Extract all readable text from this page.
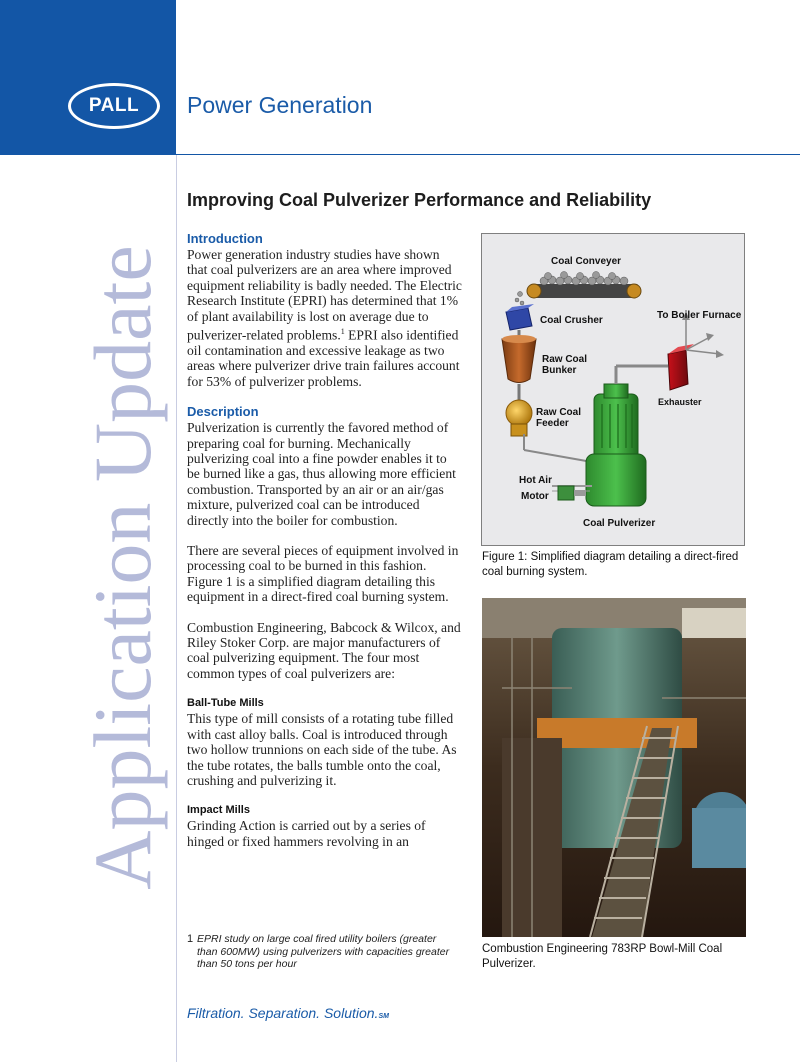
PALL Power Generation
Application Update
Improving Coal Pulverizer Performance and Reliability

Introduction

Power generation industry studies have shown that coal pulverizers are an area where improved equipment reliability is badly needed. The Electric Research Institute (EPRI) has determined that 1% of plant availability is lost on average due to pulverizer-related problems.$^1$ EPRI also identified oil contamination and excessive leakage as two areas where pulverizer drive train failures account for 53% of pulverizer problems.

Description

Pulverization is currently the favored method of preparing coal for burning. Mechanically pulverizing coal into a fine powder enables it to be burned like a gas, thus allowing more efficient combustion. Transported by an air or an air/gas mixture, pulverized coal can be introduced directly into the boiler for combustion.

There are several pieces of equipment involved in processing coal to be burned in this fashion. Figure 1 is a simplified diagram detailing this equipment in a direct-fired coal burning system.

Combustion Engineering, Babcock & Wilcox, and Riley Stoker Corp. are major manufacturers of coal pulverizing equipment. The four most common types of coal pulverizers are:

Ball-Tube Mills

This type of mill consists of a rotating tube filled with cast alloy balls. Coal is introduced through two hollow trunnions on each side of the tube. As the tube rotates, the balls tumble onto the coal, crushing and pulverizing it.

Impact Mills

Grinding Action is carried out by a series of hinged or fixed hammers revolving in an

1 EPRI study on large coal fired utility boilers (greater than 600MW) using pulverizers with capacities greater than 50 tons per hour
Filtration. Separation. Solution.SM
Coal Conveyer
Coal Crusher	To Boiler Furnace
Raw Coal
Bunker
Exhauster
Raw Coal
Feeder
Hot Air
Motor
Coal Pulverizer
Figure 1: Simplified diagram detailing a direct-fired coal burning system.
Combustion Engineering 783RP Bowl-Mill Coal Pulverizer.
